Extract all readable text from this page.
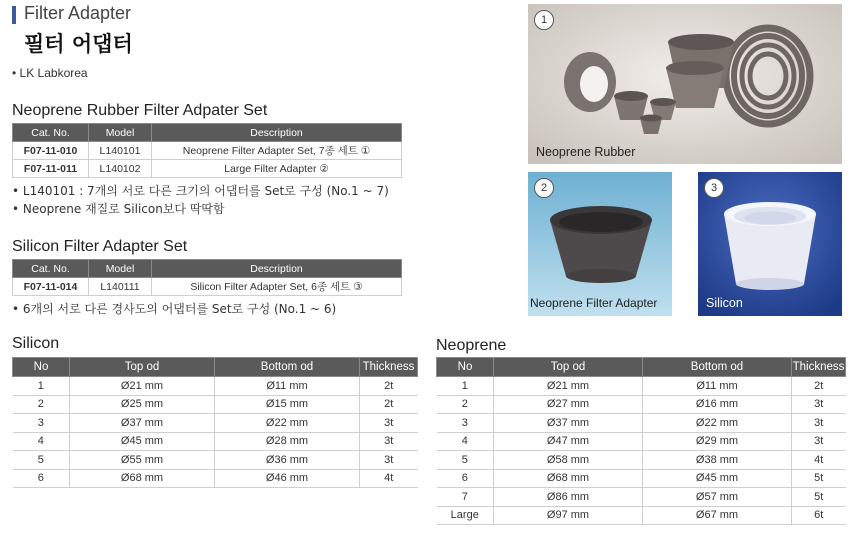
Filter Adapter
필터 어댑터
• LK Labkorea
Neoprene Rubber Filter Adpater Set
Cat. No.	Model	Description
F07-11-010	L140101	Neoprene Filter Adapter Set, 7종 세트 ①
F07-11-011	L140102	Large Filter Adapter ②
• L140101 : 7개의 서로 다른 크기의 어댑터를 Set로 구성 (No.1 ~ 7)
• Neoprene 재질로 Silicon보다 딱딱함
Silicon Filter Adapter Set
Cat. No.	Model	Description
F07-11-014	L140111	Silicon Filter Adapter Set, 6종 세트 ③
• 6개의 서로 다른 경사도의 어댑터를 Set로 구성 (No.1 ~ 6)
Silicon
No	Top od	Bottom od	Thickness
1	Ø21 mm	Ø11 mm	2t
2	Ø25 mm	Ø15 mm	2t
3	Ø37 mm	Ø22 mm	3t
4	Ø45 mm	Ø28 mm	3t
5	Ø55 mm	Ø36 mm	3t
6	Ø68 mm	Ø46 mm	4t
Neoprene
No	Top od	Bottom od	Thickness
1	Ø21 mm	Ø11 mm	2t
2	Ø27 mm	Ø16 mm	3t
3	Ø37 mm	Ø22 mm	3t
4	Ø47 mm	Ø29 mm	3t
5	Ø58 mm	Ø38 mm	4t
6	Ø68 mm	Ø45 mm	5t
7	Ø86 mm	Ø57 mm	5t
Large	Ø97 mm	Ø67 mm	6t
1
Neoprene Rubber
2
Neoprene Filter Adapter
3
Silicon
